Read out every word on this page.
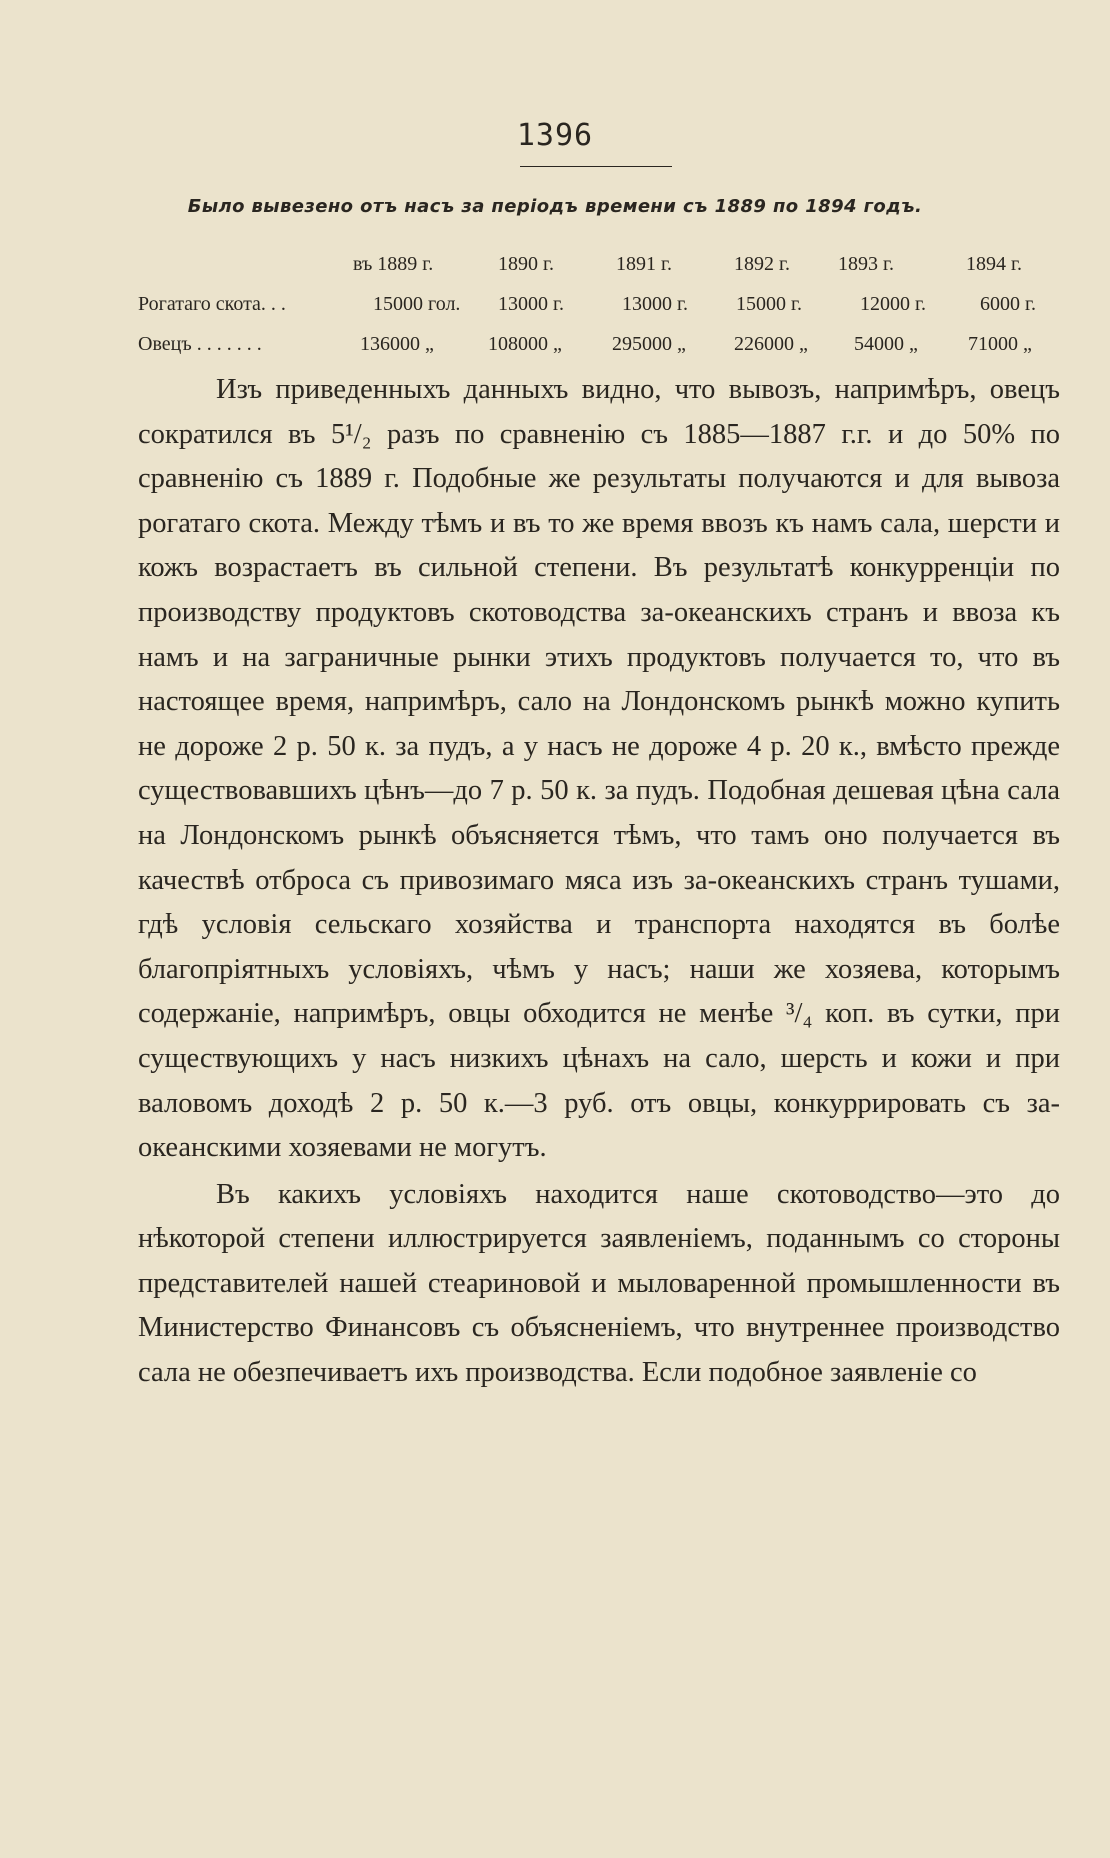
1396
Было вывезено отъ насъ за перiодъ времени съ 1889 по 1894 годъ.
въ 1889 г.	1890 г.	1891 г.	1892 г. 1893 г.	1894 г.
Рогатаго скота. . .	15000 гол. 13000 г.	13000 г. 15000 г.	12000 г.	6000 г.
Овецъ . . . . . . .	136000 „	108000 „	295000 „ 226000 „ 54000 „	71000 „

Изъ приведенныхъ данныхъ видно, что вывозъ, напримѣръ, овецъ сократился въ 5¹/₂ разъ по сравненiю съ 1885—1887 г.г. и до 50% по сравненiю съ 1889 г. Подобные же результаты получаются и для вывоза рогатаго скота. Между тѣмъ и въ то же время ввозъ къ намъ сала, шерсти и кожъ возрастаетъ въ сильной степени. Въ результатѣ конкурренцiи по производству продуктовъ скотоводства за-океанскихъ странъ и ввоза къ намъ и на заграничные рынки этихъ продуктовъ получается то, что въ настоящее время, напримѣръ, сало на Лондонскомъ рынкѣ можно купить не дороже 2 р. 50 к. за пудъ, а у насъ не дороже 4 р. 20 к., вмѣсто прежде существовавшихъ цѣнъ—до 7 р. 50 к. за пудъ. Подобная дешевая цѣна сала на Лондонскомъ рынкѣ объясняется тѣмъ, что тамъ оно получается въ качествѣ отброса съ привозимаго мяса изъ за-океанскихъ странъ тушами, гдѣ условiя сельскаго хозяйства и транспорта находятся въ болѣе благопрiятныхъ условiяхъ, чѣмъ у насъ; наши же хозяева, которымъ содержанiе, напримѣръ, овцы обходится не менѣе ³/₄ коп. въ сутки, при существующихъ у насъ низкихъ цѣнахъ на сало, шерсть и кожи и при валовомъ доходѣ 2 р. 50 к.—3 руб. отъ овцы, конкуррировать съ за-океанскими хозяевами не могутъ.

Въ какихъ условiяхъ находится наше скотоводство—это до нѣкоторой степени иллюстрируется заявленiемъ, поданнымъ со стороны представителей нашей стеариновой и мыловаренной промышленности въ Министерство Финансовъ съ объясненiемъ, что внутреннее производство сала не обезпечиваетъ ихъ производства. Если подобное заявленiе со
